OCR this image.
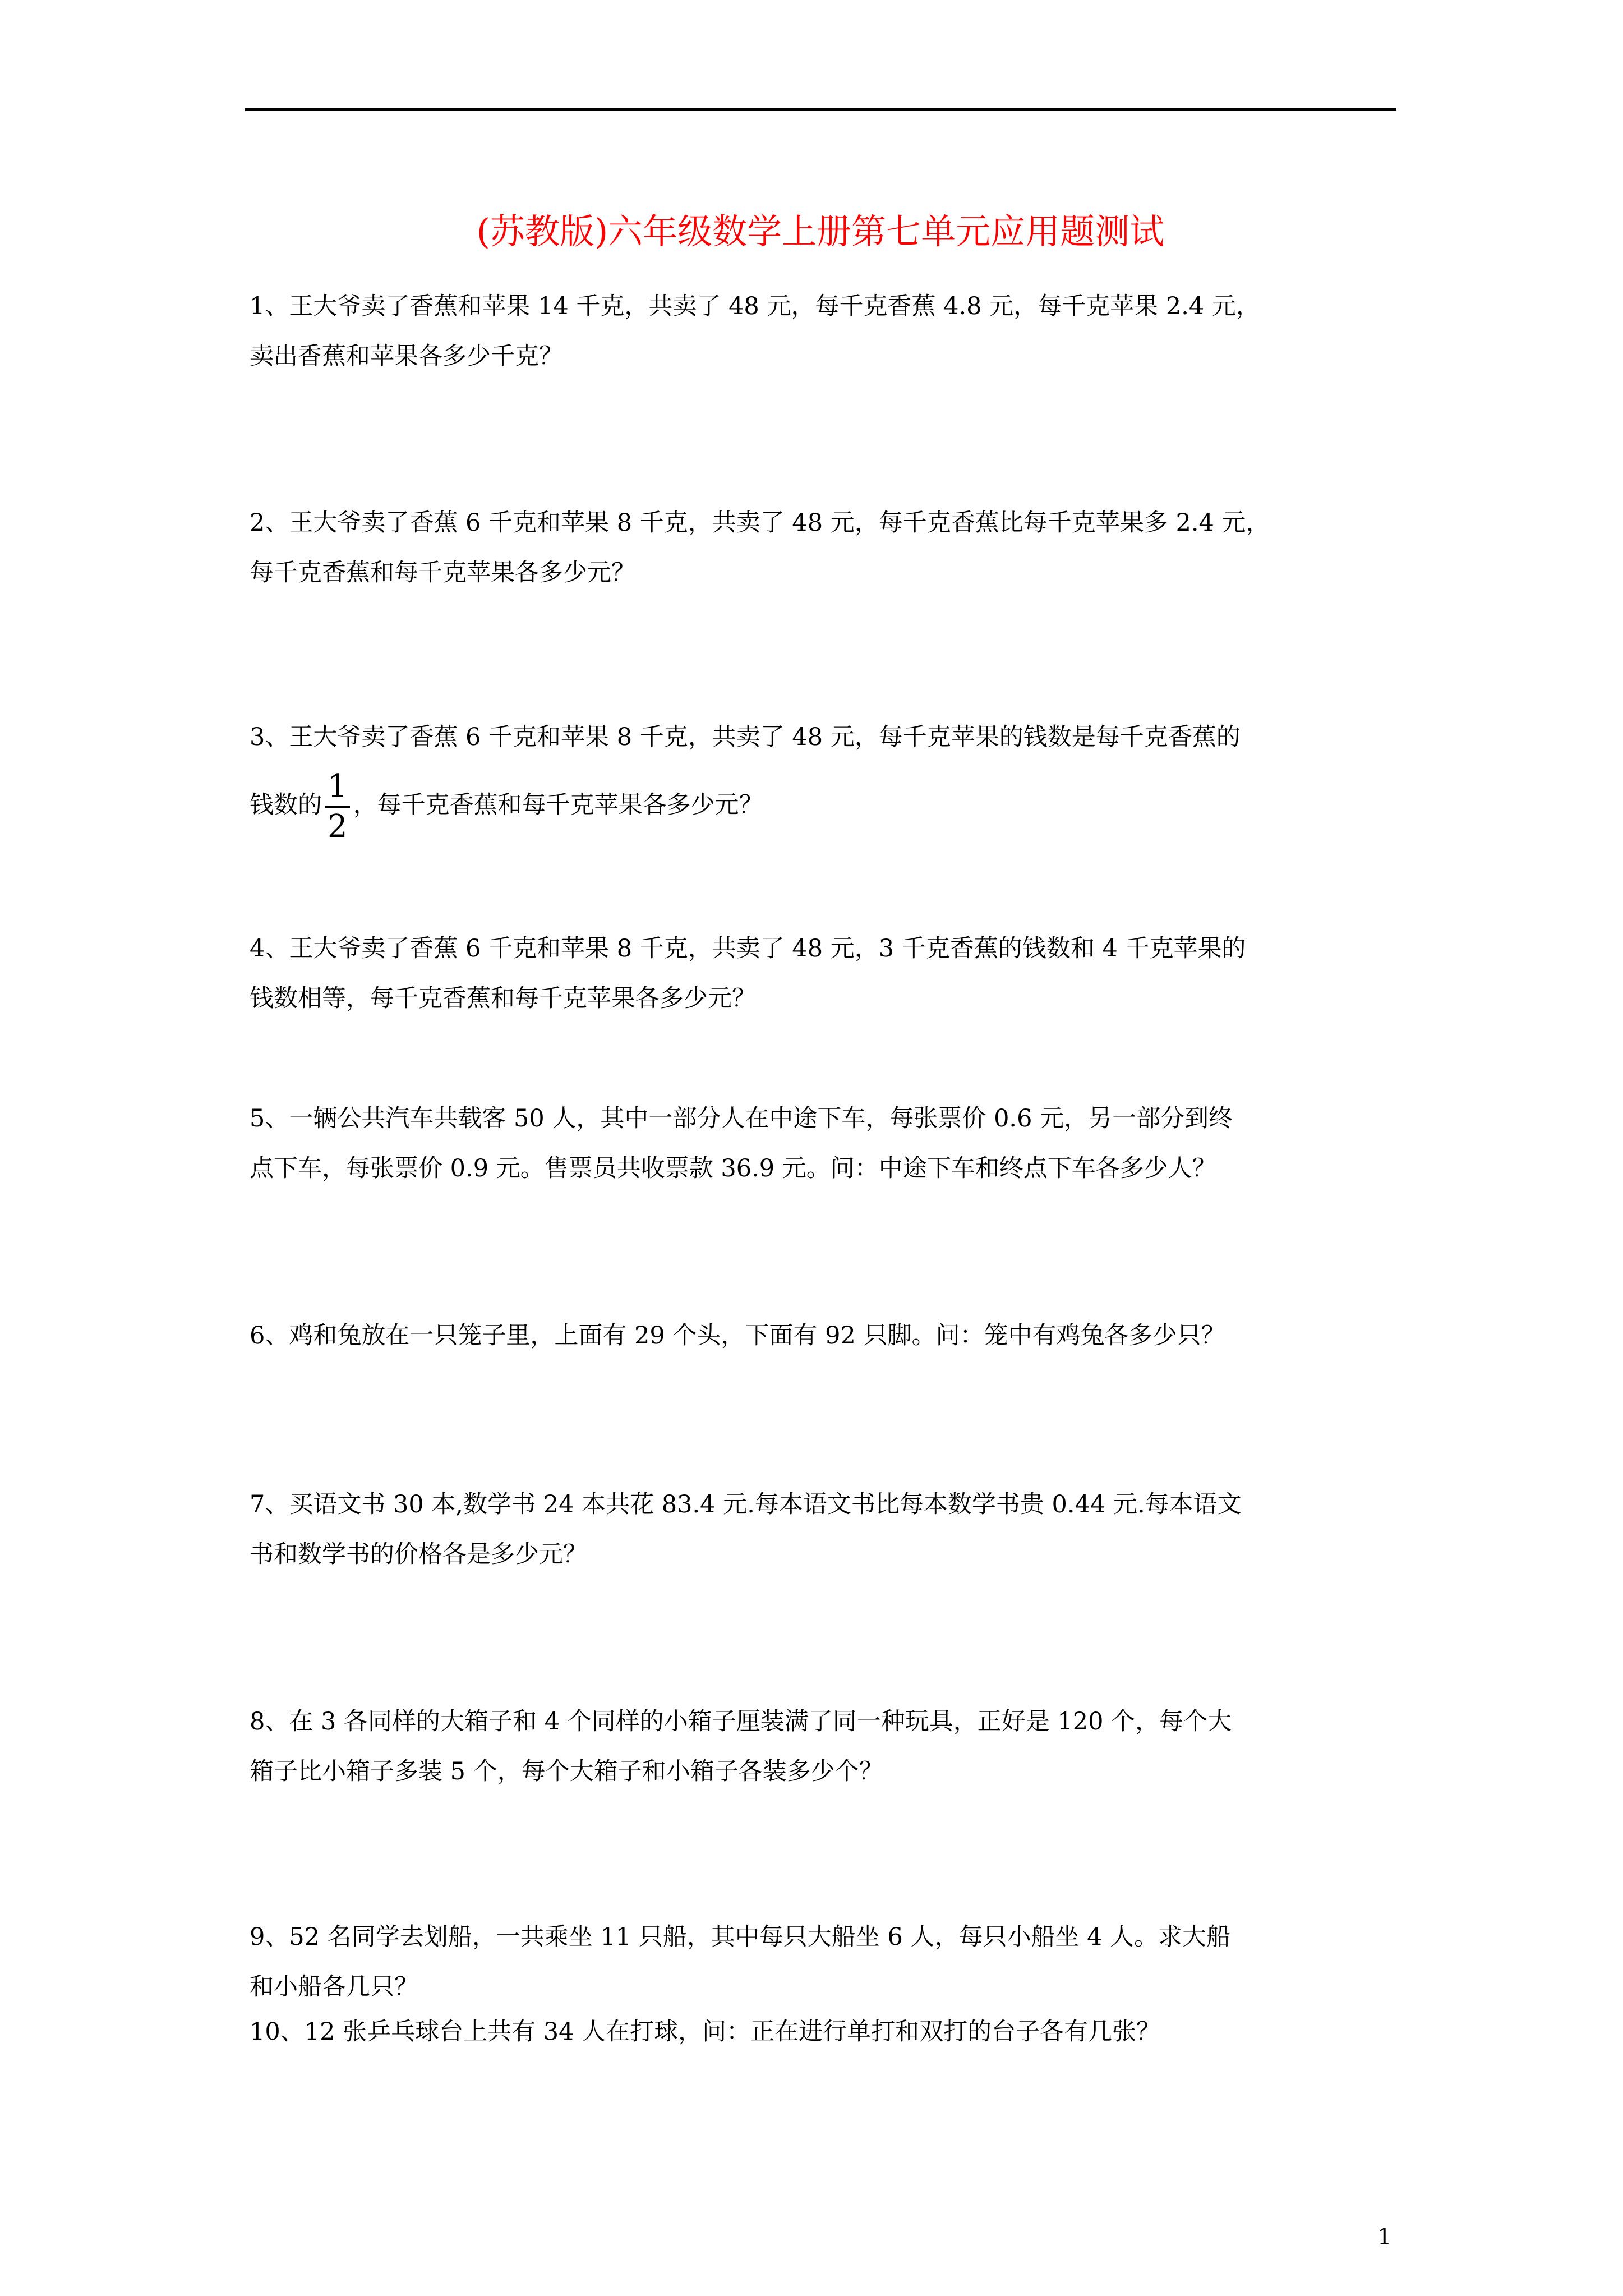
(苏教版)六年级数学上册第七单元应用题测试
1、王大爷卖了香蕉和苹果 14 千克，共卖了 48 元，每千克香蕉 4.8 元，每千克苹果 2.4 元，
卖出香蕉和苹果各多少千克？
2、王大爷卖了香蕉 6 千克和苹果 8 千克，共卖了 48 元，每千克香蕉比每千克苹果多 2.4 元，
每千克香蕉和每千克苹果各多少元？
3、王大爷卖了香蕉 6 千克和苹果 8 千克，共卖了 48 元，每千克苹果的钱数是每千克香蕉的
钱数的 $\frac{1}{2}$ ，每千克香蕉和每千克苹果各多少元？
4、王大爷卖了香蕉 6 千克和苹果 8 千克，共卖了 48 元，3 千克香蕉的钱数和 4 千克苹果的
钱数相等，每千克香蕉和每千克苹果各多少元？
5、一辆公共汽车共载客 50 人，其中一部分人在中途下车，每张票价 0.6 元，另一部分到终
点下车，每张票价 0.9 元。售票员共收票款 36.9 元。问：中途下车和终点下车各多少人？
6、鸡和兔放在一只笼子里，上面有 29 个头，下面有 92 只脚。问：笼中有鸡兔各多少只？
7、买语文书 30 本,数学书 24 本共花 83.4 元.每本语文书比每本数学书贵 0.44 元.每本语文
书和数学书的价格各是多少元？
8、在 3 各同样的大箱子和 4 个同样的小箱子厘装满了同一种玩具，正好是 120 个，每个大
箱子比小箱子多装 5 个，每个大箱子和小箱子各装多少个？
9、52 名同学去划船，一共乘坐 11 只船，其中每只大船坐 6 人，每只小船坐 4 人。求大船
和小船各几只？
10、12 张乒乓球台上共有 34 人在打球，问：正在进行单打和双打的台子各有几张？
1
